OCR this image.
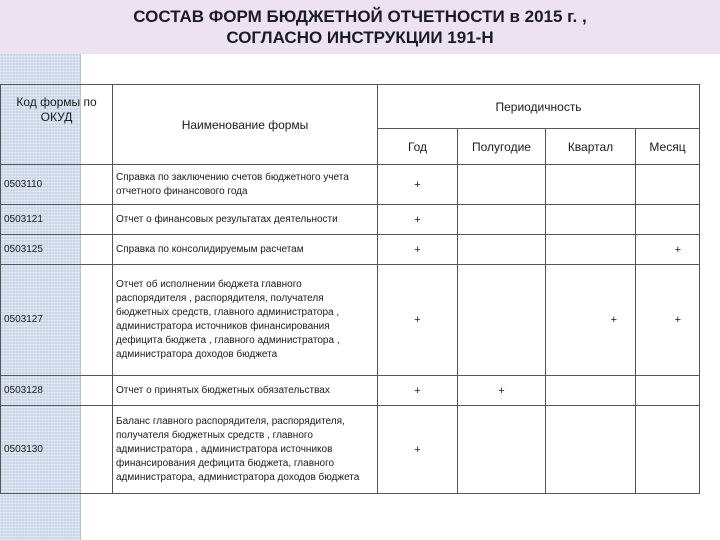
СОСТАВ ФОРМ БЮДЖЕТНОЙ ОТЧЕТНОСТИ в 2015 г. ,
СОГЛАСНО ИНСТРУКЦИИ 191-Н
Код формы по ОКУД	Наименование формы	Периодичность			
		Год	Полугодие	Квартал	Месяц
0503110	Справка по заключению счетов бюджетного учета отчетного финансового года	+			
0503121	Отчет о финансовых результатах деятельности	+			
0503125	Справка по консолидируемым расчетам	+			+
0503127	Отчет об исполнении бюджета главного распорядителя , распорядителя, получателя бюджетных средств, главного администратора , администратора источников финансирования дефицита бюджета , главного администратора , администратора доходов бюджета	+		+	+
0503128	Отчет о принятых бюджетных обязательствах	+	+		
0503130	Баланс главного распорядителя, распорядителя, получателя бюджетных средств , главного администратора , администратора источников финансирования дефицита бюджета, главного администратора, администратора доходов бюджета	+			
